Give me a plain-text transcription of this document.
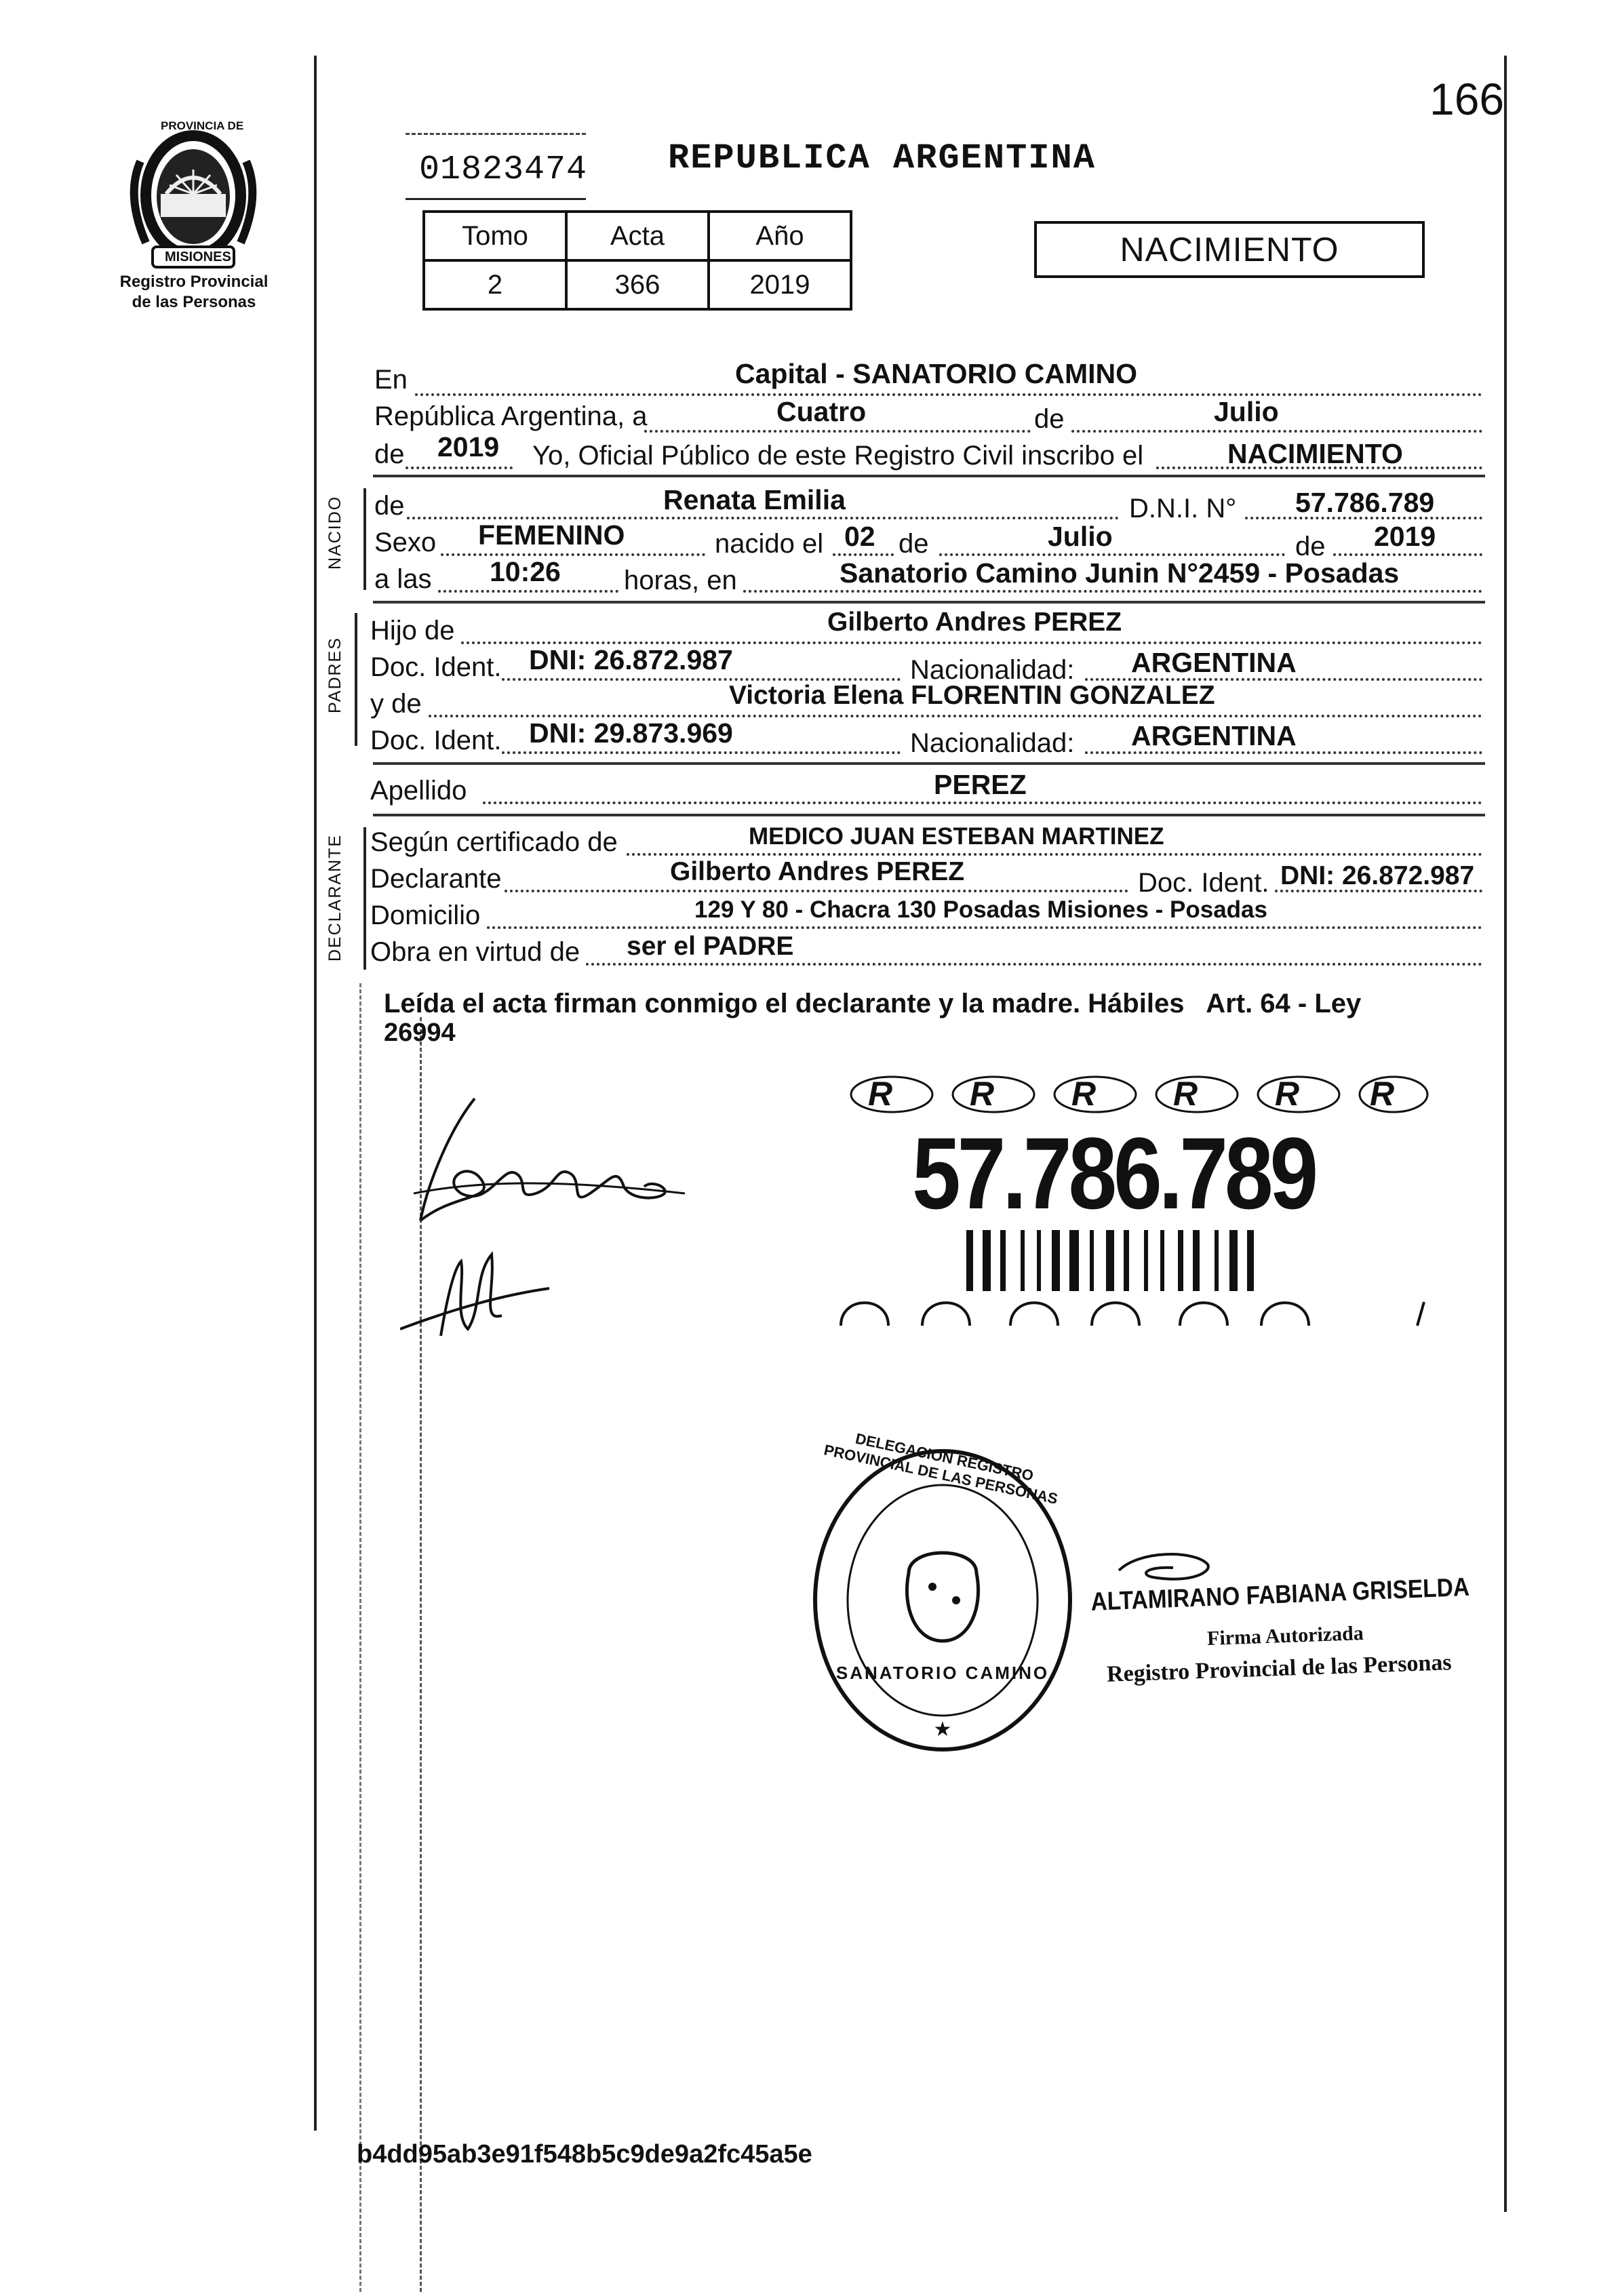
166
PROVINCIA DE
MISIONES
Registro Provincial
de las Personas
01823474 REPUBLICA ARGENTINA
Tomo	Acta	Año
2	366	2019
NACIMIENTO
En	Capital - SANATORIO CAMINO
República Argentina, a	Cuatro	de	Julio
de 2019 Yo, Oficial Público de este Registro Civil inscribo el	NACIMIENTO
NACIDO de	Renata Emilia	D.N.I. N° 57.786.789
Sexo FEMENINO	nacido el 02 de	Julio	de 2019
a las 10:26 horas, en	Sanatorio Camino Junin N°2459 - Posadas
PADRES
Hijo de	Gilberto Andres PEREZ
Doc. Ident. DNI: 26.872.987	Nacionalidad: ARGENTINA
y de	Victoria Elena FLORENTIN GONZALEZ
Doc. Ident. DNI: 29.873.969	Nacionalidad: ARGENTINA
Apellido	PEREZ
DECLARANTE Según certificado de	MEDICO JUAN ESTEBAN MARTINEZ
Declarante	Gilberto Andres PEREZ	Doc. Ident. DNI: 26.872.987
Domicilio	129 Y 80 - Chacra 130 Posadas Misiones - Posadas
Obra en virtud de ser el PADRE
Leída el acta firman conmigo el declarante y la madre. Hábiles   Art. 64 - Ley
26994
R R R R R R
57.786.789
★
DELEGACION REGISTRO PROVINCIAL DE LAS PERSONAS
SANATORIO CAMINO
ALTAMIRANO FABIANA GRISELDA
Firma Autorizada
Registro Provincial de las Personas
b4dd95ab3e91f548b5c9de9a2fc45a5e
